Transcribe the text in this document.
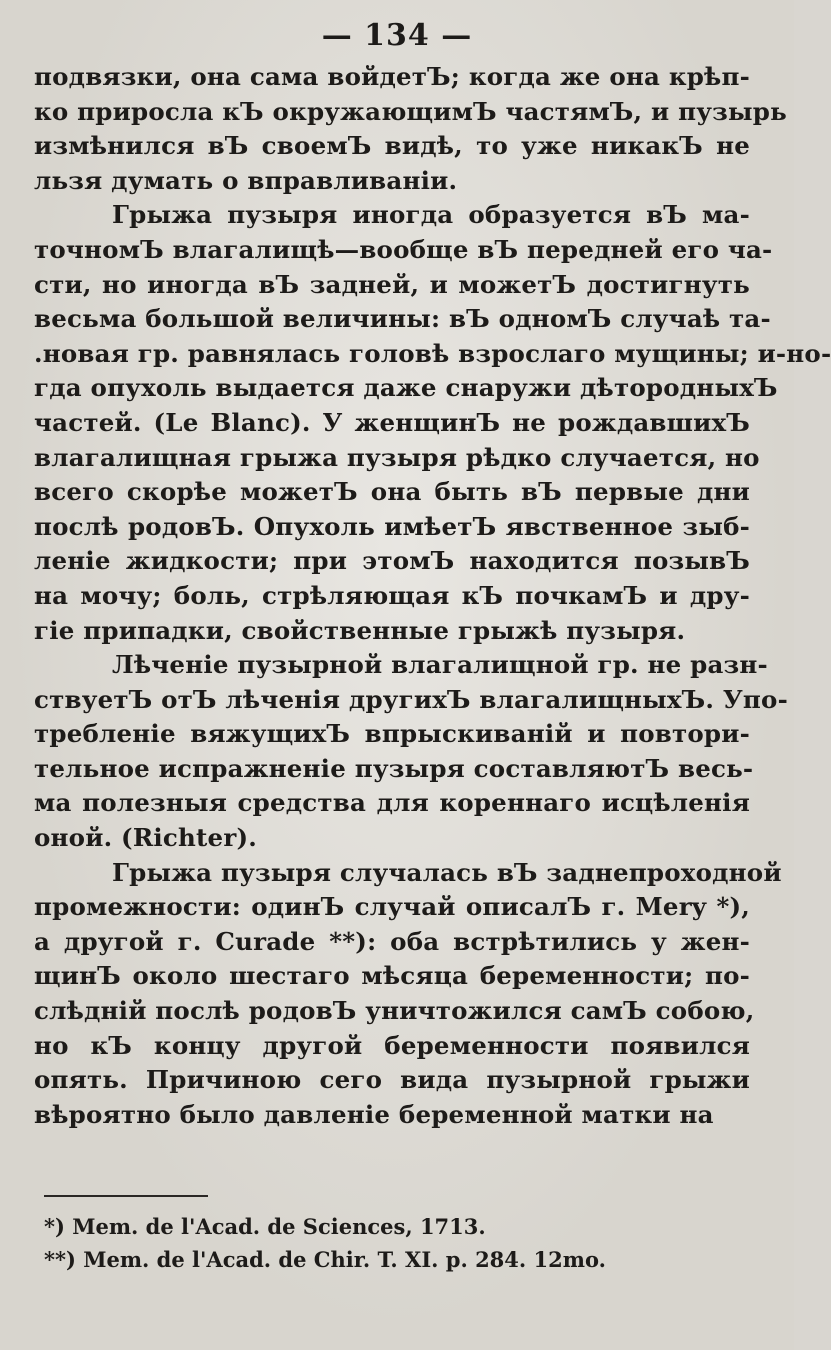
— 134 —
подвязки, она сама войдетЪ; когда же она крѣп-
ко приросла кЪ окружающимЪ частямЪ, и пузырь
измѣнился вЪ своемЪ видѣ, то уже никакЪ не
льзя думать о вправливаніи.
Грыжа пузыря иногда образуется вЪ ма-
точномЪ влагалищѣ—вообще вЪ передней его ча-
сти, но иногда вЪ задней, и можетЪ достигнуть
весьма большой величины: вЪ одномЪ случаѣ та-
.новая гр. равнялась головѣ взрослаго мущины; и-но-
гда опухоль выдается даже снаружи дѣтородныхЪ
частей. (Le Blanc). У женщинЪ не рождавшихЪ
влагалищная грыжа пузыря рѣдко случается, но
всего скорѣе можетЪ она быть вЪ первые дни
послѣ родовЪ. Опухоль имѣетЪ явственное зыб-
леніе жидкости; при этомЪ находится позывЪ
на мочу; боль, стрѣляющая кЪ почкамЪ и дру-
гіе припадки, свойственные грыжѣ пузыря.
Лѣченіе пузырной влагалищной гр. не разн-
ствуетЪ отЪ лѣченія другихЪ влагалищныхЪ. Упо-
требленіе вяжущихЪ впрыскиваній и повтори-
тельное испражненіе пузыря составляютЪ весь-
ма полезныя средства для кореннаго исцѣленія
оной. (Richter).
Грыжа пузыря случалась вЪ заднепроходной
промежности: одинЪ случай описалЪ г. Mery *),
а другой г. Curade **): оба встрѣтились у жен-
щинЪ около шестаго мѣсяца беременности; по-
слѣдній послѣ родовЪ уничтожился самЪ собою,
но кЪ концу другой беременности появился
опять. Причиною сего вида пузырной грыжи
вѣроятно было давленіе беременной матки на
*) Mem. de l'Acad. de Sciences, 1713.
**) Mem. de l'Acad. de Chir. T. XI. p. 284. 12mo.
